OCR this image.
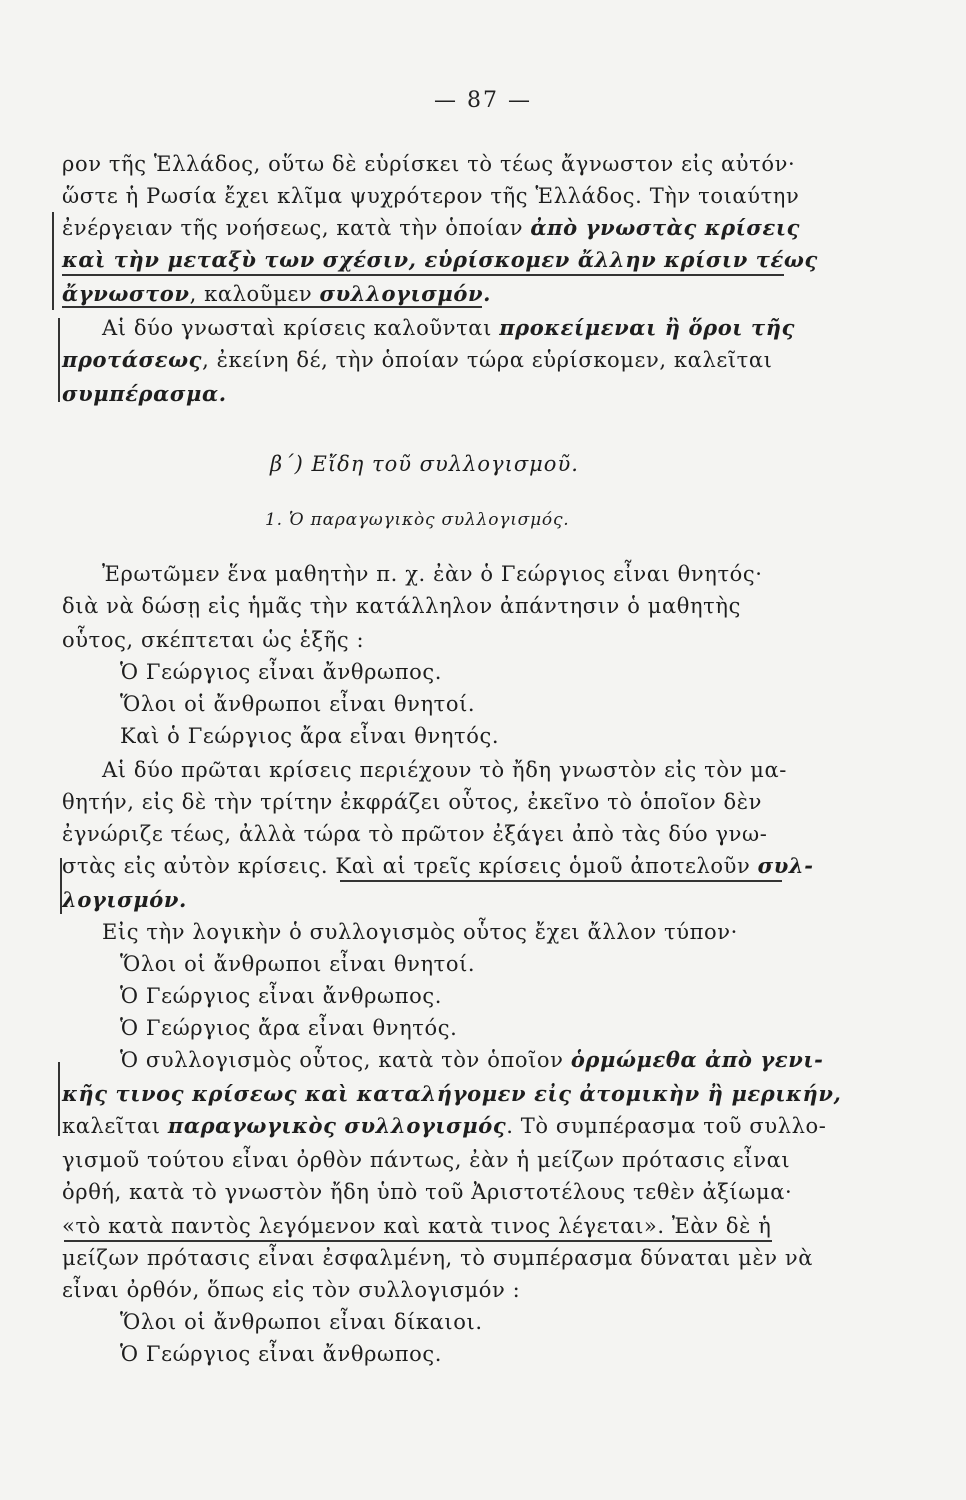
— 87 —
ρον τῆς Ἑλλάδος, οὕτω δὲ εὑρίσκει τὸ τέως ἄγνωστον εἰς αὐτόν·
ὥστε ἡ Ρωσία ἔχει κλῖμα ψυχρότερον τῆς Ἑλλάδος. Τὴν τοιαύτην
ἐνέργειαν τῆς νοήσεως, κατὰ τὴν ὁποίαν ἀπὸ γνωστὰς κρίσεις
καὶ τὴν μεταξὺ των σχέσιν, εὑρίσκομεν ἄλλην κρίσιν τέως
ἄγνωστον, καλοῦμεν συλλογισμόν.
Αἱ δύο γνωσταὶ κρίσεις καλοῦνται προκείμεναι ἢ ὅροι τῆς
προτάσεως, ἐκείνη δέ, τὴν ὁποίαν τώρα εὑρίσκομεν, καλεῖται
συμπέρασμα.
β΄) Εἴδη τοῦ συλλογισμοῦ.
1. Ὁ παραγωγικὸς συλλογισμός.
Ἐρωτῶμεν ἕνα μαθητὴν π. χ. ἐὰν ὁ Γεώργιος εἶναι θνητός·
διὰ νὰ δώσῃ εἰς ἡμᾶς τὴν κατάλληλον ἀπάντησιν ὁ μαθητὴς
οὗτος, σκέπτεται ὡς ἑξῆς :
Ὁ Γεώργιος εἶναι ἄνθρωπος.
Ὅλοι οἱ ἄνθρωποι εἶναι θνητοί.
Καὶ ὁ Γεώργιος ἄρα εἶναι θνητός.
Αἱ δύο πρῶται κρίσεις περιέχουν τὸ ἤδη γνωστὸν εἰς τὸν μα-
θητήν, εἰς δὲ τὴν τρίτην ἐκφράζει οὗτος, ἐκεῖνο τὸ ὁποῖον δὲν
ἐγνώριζε τέως, ἀλλὰ τώρα τὸ πρῶτον ἐξάγει ἀπὸ τὰς δύο γνω-
στὰς εἰς αὐτὸν κρίσεις. Καὶ αἱ τρεῖς κρίσεις ὁμοῦ ἀποτελοῦν συλ-
λογισμόν.
Εἰς τὴν λογικὴν ὁ συλλογισμὸς οὗτος ἔχει ἄλλον τύπον·
Ὅλοι οἱ ἄνθρωποι εἶναι θνητοί.
Ὁ Γεώργιος εἶναι ἄνθρωπος.
Ὁ Γεώργιος ἄρα εἶναι θνητός.
Ὁ συλλογισμὸς οὗτος, κατὰ τὸν ὁποῖον ὁρμώμεθα ἀπὸ γενι-
κῆς τινος κρίσεως καὶ καταλήγομεν εἰς ἀτομικὴν ἢ μερικήν,
καλεῖται παραγωγικὸς συλλογισμός. Τὸ συμπέρασμα τοῦ συλλο-
γισμοῦ τούτου εἶναι ὀρθὸν πάντως, ἐὰν ἡ μείζων πρότασις εἶναι
ὀρθή, κατὰ τὸ γνωστὸν ἤδη ὑπὸ τοῦ Ἀριστοτέλους τεθὲν ἀξίωμα·
«τὸ κατὰ παντὸς λεγόμενον καὶ κατὰ τινος λέγεται». Ἐὰν δὲ ἡ
μείζων πρότασις εἶναι ἐσφαλμένη, τὸ συμπέρασμα δύναται μὲν νὰ
εἶναι ὀρθόν, ὅπως εἰς τὸν συλλογισμόν :
Ὅλοι οἱ ἄνθρωποι εἶναι δίκαιοι.
Ὁ Γεώργιος εἶναι ἄνθρωπος.
